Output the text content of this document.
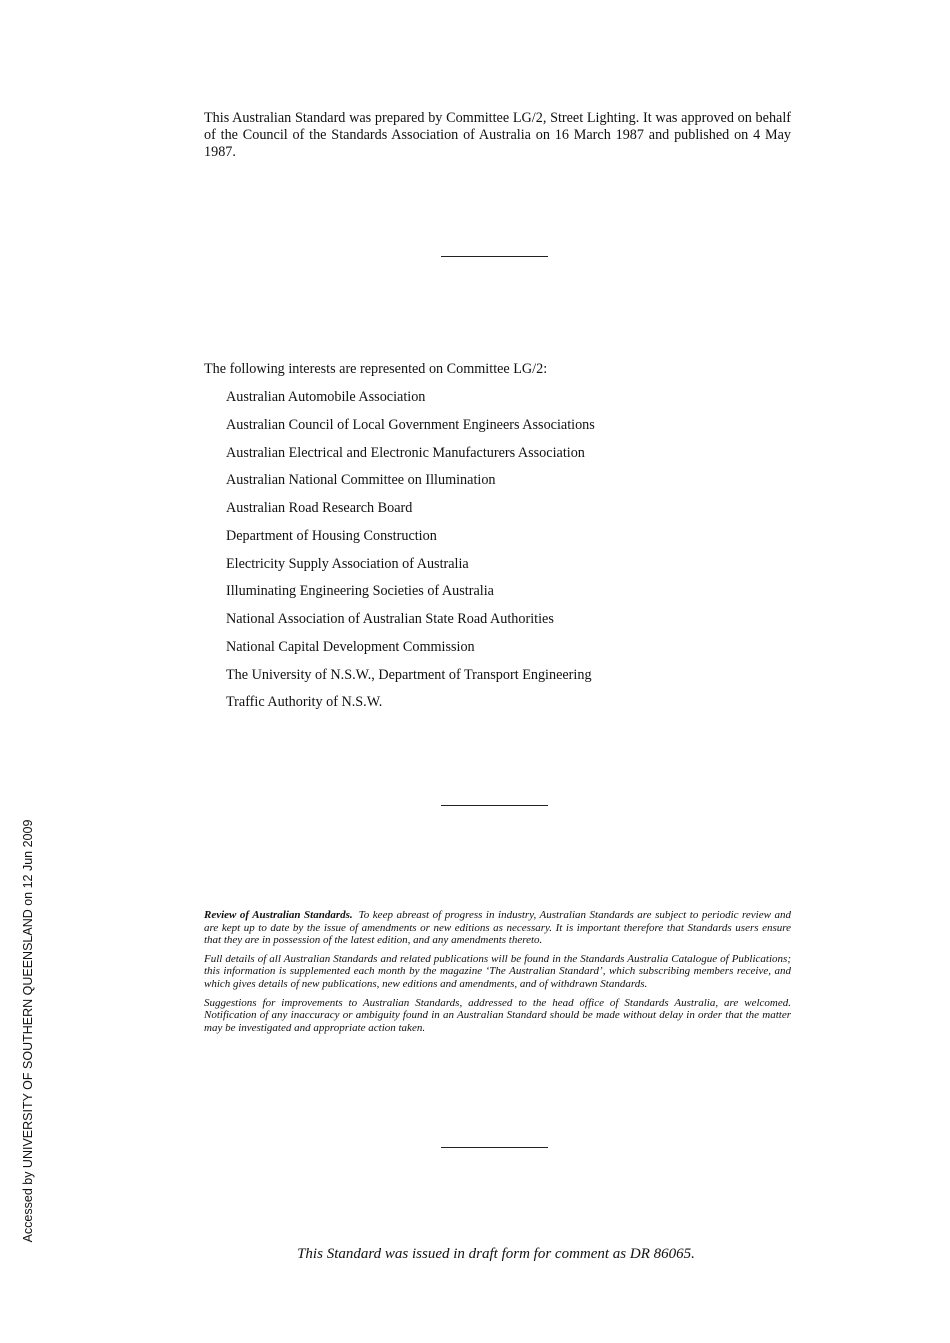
Accessed by UNIVERSITY OF SOUTHERN QUEENSLAND on 12 Jun 2009

This Australian Standard was prepared by Committee LG/2, Street Lighting. It was approved on behalf of the Council of the Standards Association of Australia on 16 March 1987 and published on 4 May 1987.

The following interests are represented on Committee LG/2:

Australian Automobile Association
Australian Council of Local Government Engineers Associations
Australian Electrical and Electronic Manufacturers Association
Australian National Committee on Illumination
Australian Road Research Board
Department of Housing Construction
Electricity Supply Association of Australia
Illuminating Engineering Societies of Australia
National Association of Australian State Road Authorities
National Capital Development Commission
The University of N.S.W., Department of Transport Engineering
Traffic Authority of N.S.W.

Review of Australian Standards. To keep abreast of progress in industry, Australian Standards are subject to periodic review and are kept up to date by the issue of amendments or new editions as necessary. It is important therefore that Standards users ensure that they are in possession of the latest edition, and any amendments thereto.

Full details of all Australian Standards and related publications will be found in the Standards Australia Catalogue of Publications; this information is supplemented each month by the magazine ‘The Australian Standard’, which subscribing members receive, and which gives details of new publications, new editions and amendments, and of withdrawn Standards.

Suggestions for improvements to Australian Standards, addressed to the head office of Standards Australia, are welcomed. Notification of any inaccuracy or ambiguity found in an Australian Standard should be made without delay in order that the matter may be investigated and appropriate action taken.

This Standard was issued in draft form for comment as DR 86065.
